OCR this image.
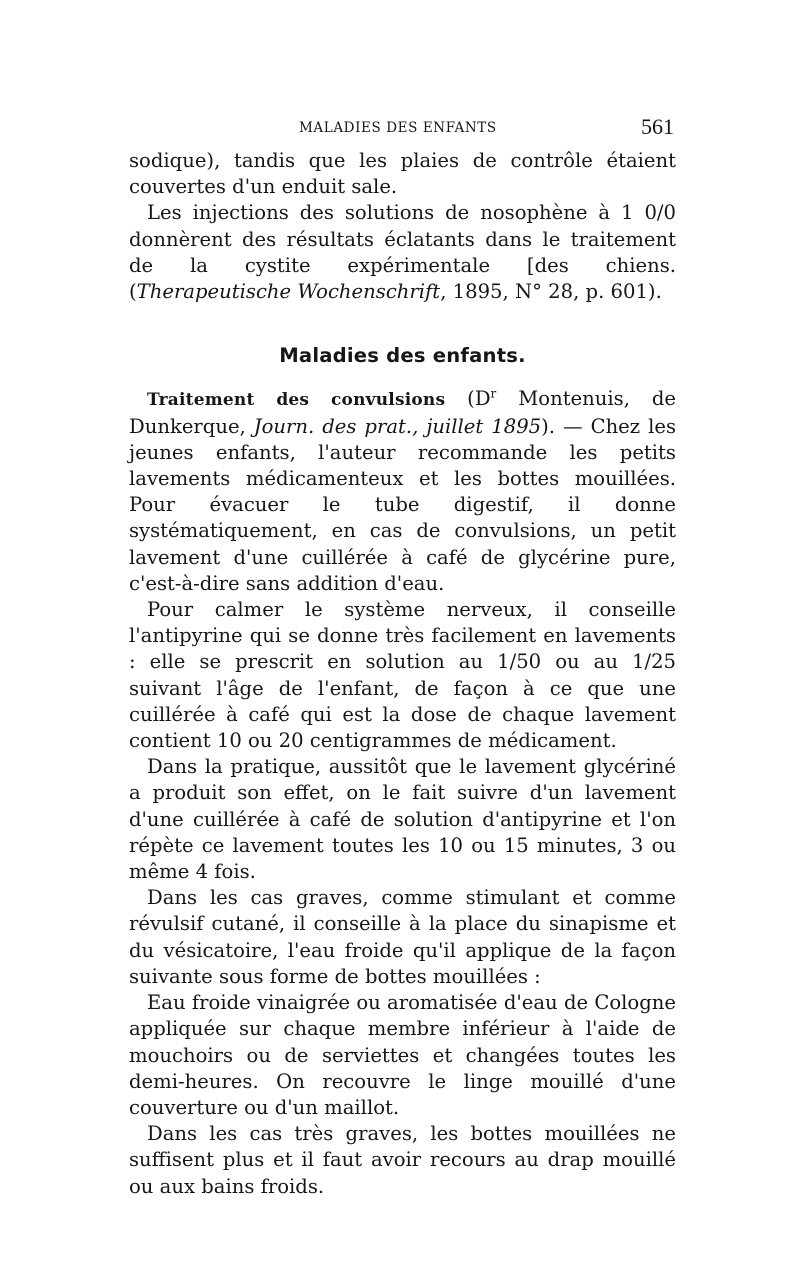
MALADIES DES ENFANTS	561

sodique), tandis que les plaies de contrôle étaient couvertes d'un enduit sale.

Les injections des solutions de nosophène à 1 0/0 donnèrent des résultats éclatants dans le traitement de la cystite expérimentale [des chiens. (Therapeutische Wochenschrift, 1895, N° 28, p. 601).

Maladies des enfants.

Traitement des convulsions ($D^r$ Montenuis, de Dunkerque, Journ. des prat., juillet 1895). — Chez les jeunes enfants, l'auteur recommande les petits lavements médicamenteux et les bottes mouillées. Pour évacuer le tube digestif, il donne systématiquement, en cas de convulsions, un petit lavement d'une cuillérée à café de glycérine pure, c'est-à-dire sans addition d'eau.

Pour calmer le système nerveux, il conseille l'antipyrine qui se donne très facilement en lavements : elle se prescrit en solution au 1/50 ou au 1/25 suivant l'âge de l'enfant, de façon à ce que une cuillérée à café qui est la dose de chaque lavement contient 10 ou 20 centigrammes de médicament.

Dans la pratique, aussitôt que le lavement glycériné a produit son effet, on le fait suivre d'un lavement d'une cuillérée à café de solution d'antipyrine et l'on répète ce lavement toutes les 10 ou 15 minutes, 3 ou même 4 fois.

Dans les cas graves, comme stimulant et comme révulsif cutané, il conseille à la place du sinapisme et du vésicatoire, l'eau froide qu'il applique de la façon suivante sous forme de bottes mouillées :

Eau froide vinaigrée ou aromatisée d'eau de Cologne appliquée sur chaque membre inférieur à l'aide de mouchoirs ou de serviettes et changées toutes les demi-heures. On recouvre le linge mouillé d'une couverture ou d'un maillot.

Dans les cas très graves, les bottes mouillées ne suffisent plus et il faut avoir recours au drap mouillé ou aux bains froids.
